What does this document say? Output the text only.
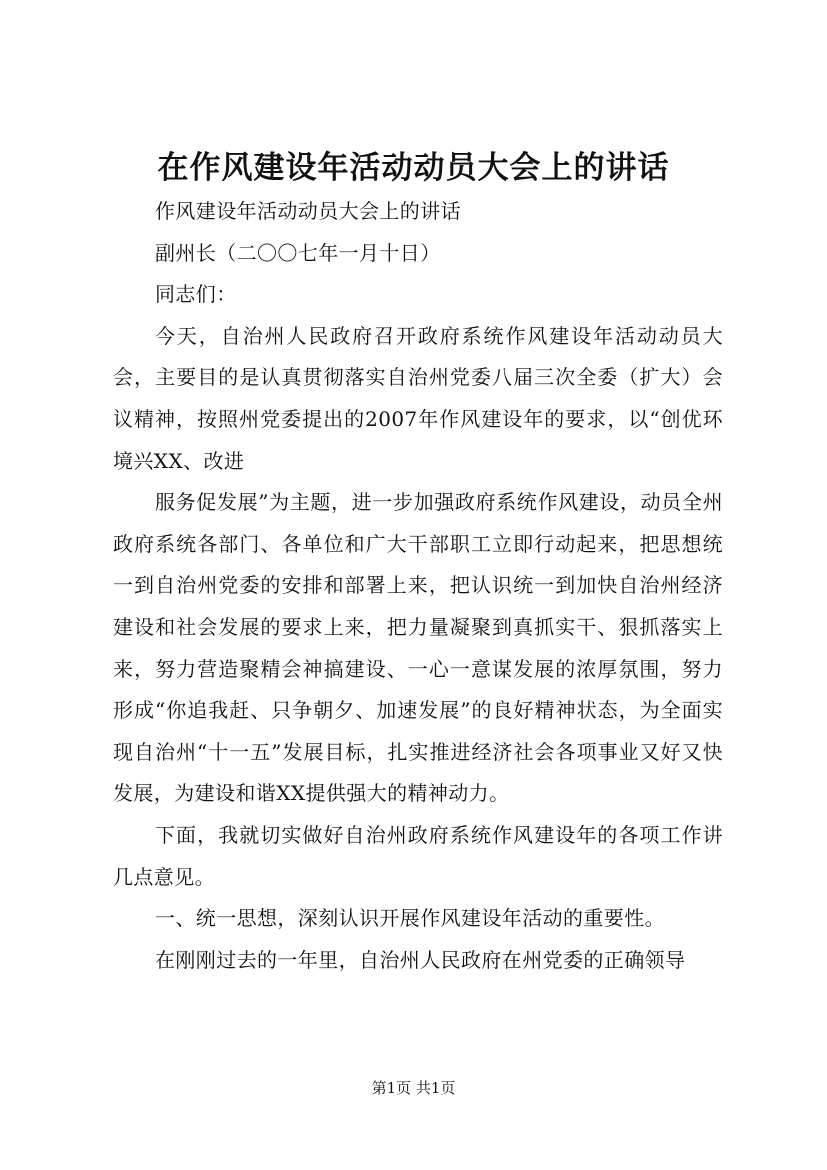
在作风建设年活动动员大会上的讲话

作风建设年活动动员大会上的讲话

副州长（二〇〇七年一月十日）

同志们：

今天，自治州人民政府召开政府系统作风建设年活动动员大会，主要目的是认真贯彻落实自治州党委八届三次全委（扩大）会议精神，按照州党委提出的2007年作风建设年的要求，以“创优环境兴XX、改进

服务促发展”为主题，进一步加强政府系统作风建设，动员全州政府系统各部门、各单位和广大干部职工立即行动起来，把思想统一到自治州党委的安排和部署上来，把认识统一到加快自治州经济建设和社会发展的要求上来，把力量凝聚到真抓实干、狠抓落实上来，努力营造聚精会神搞建设、一心一意谋发展的浓厚氛围，努力形成“你追我赶、只争朝夕、加速发展”的良好精神状态，为全面实现自治州“十一五”发展目标，扎实推进经济社会各项事业又好又快发展，为建设和谐XX提供强大的精神动力。

下面，我就切实做好自治州政府系统作风建设年的各项工作讲几点意见。

一、统一思想，深刻认识开展作风建设年活动的重要性。

在刚刚过去的一年里，自治州人民政府在州党委的正确领导

第1页 共1页
